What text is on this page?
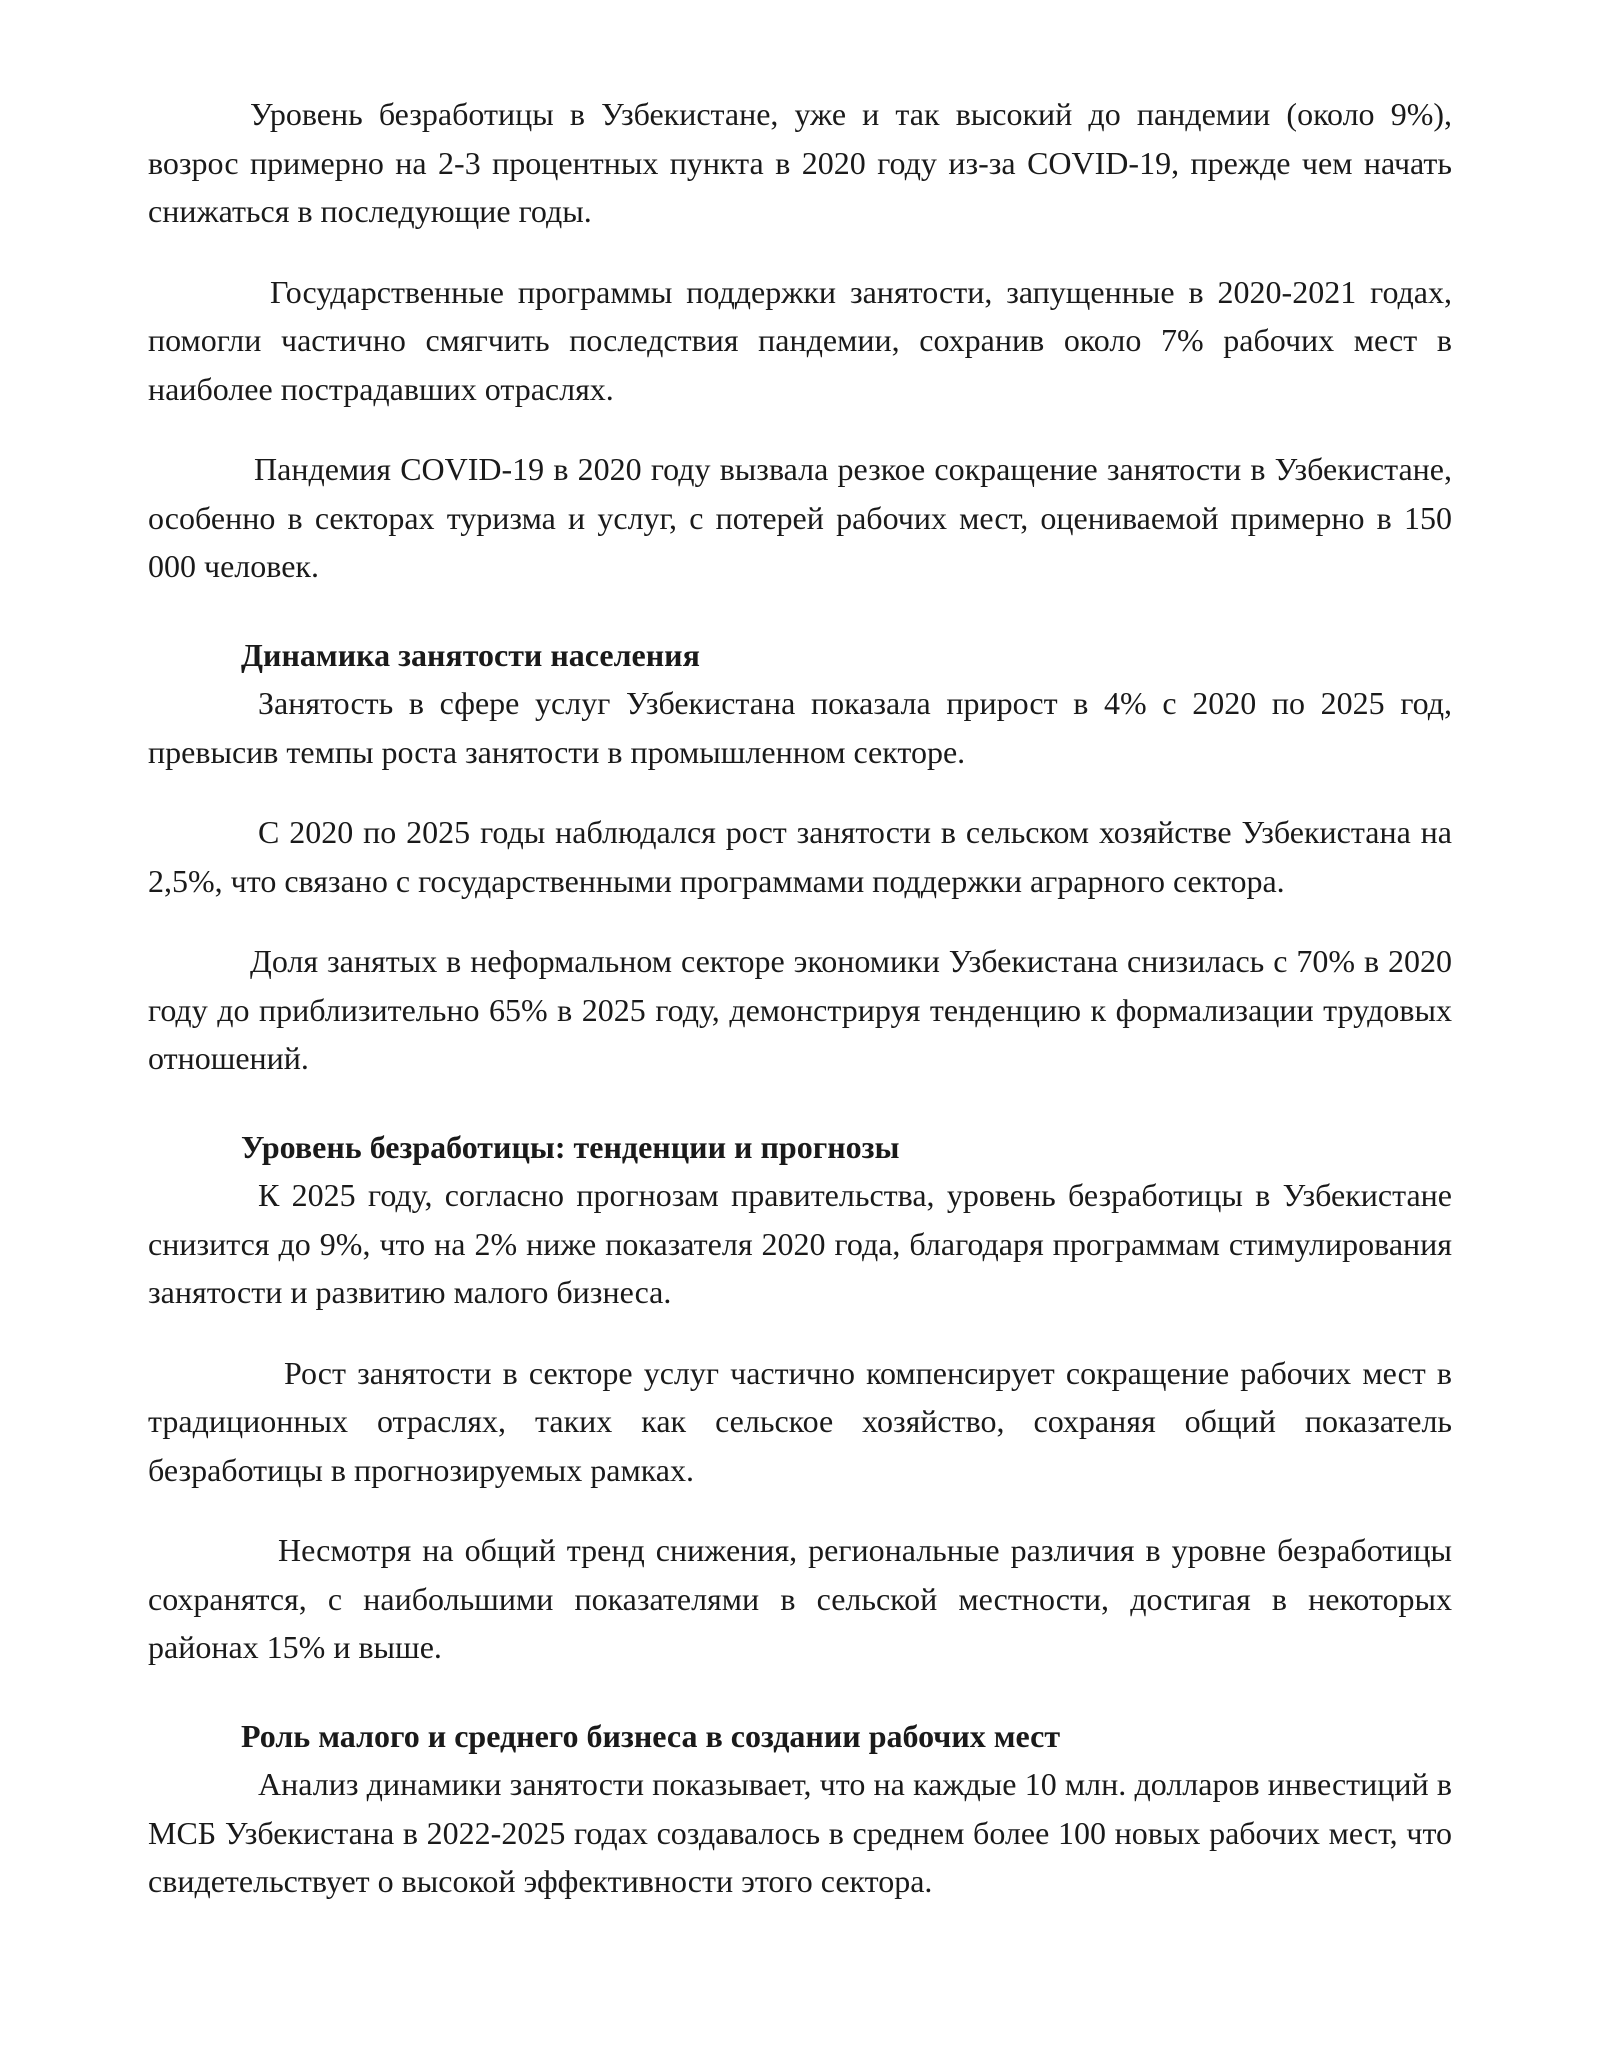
Уровень безработицы в Узбекистане, уже и так высокий до пандемии (около 9%), возрос примерно на 2-3 процентных пункта в 2020 году из-за COVID-19, прежде чем начать снижаться в последующие годы.

Государственные программы поддержки занятости, запущенные в 2020-2021 годах, помогли частично смягчить последствия пандемии, сохранив около 7% рабочих мест в наиболее пострадавших отраслях.

Пандемия COVID-19 в 2020 году вызвала резкое сокращение занятости в Узбекистане, особенно в секторах туризма и услуг, с потерей рабочих мест, оцениваемой примерно в 150 000 человек.

Динамика занятости населения

Занятость в сфере услуг Узбекистана показала прирост в 4% с 2020 по 2025 год, превысив темпы роста занятости в промышленном секторе.

С 2020 по 2025 годы наблюдался рост занятости в сельском хозяйстве Узбекистана на 2,5%, что связано с государственными программами поддержки аграрного сектора.

Доля занятых в неформальном секторе экономики Узбекистана снизилась с 70% в 2020 году до приблизительно 65% в 2025 году, демонстрируя тенденцию к формализации трудовых отношений.

Уровень безработицы: тенденции и прогнозы

К 2025 году, согласно прогнозам правительства, уровень безработицы в Узбекистане снизится до 9%, что на 2% ниже показателя 2020 года, благодаря программам стимулирования занятости и развитию малого бизнеса.

Рост занятости в секторе услуг частично компенсирует сокращение рабочих мест в традиционных отраслях, таких как сельское хозяйство, сохраняя общий показатель безработицы в прогнозируемых рамках.

Несмотря на общий тренд снижения, региональные различия в уровне безработицы сохранятся, с наибольшими показателями в сельской местности, достигая в некоторых районах 15% и выше.

Роль малого и среднего бизнеса в создании рабочих мест

Анализ динамики занятости показывает, что на каждые 10 млн. долларов инвестиций в МСБ Узбекистана в 2022-2025 годах создавалось в среднем более 100 новых рабочих мест, что свидетельствует о высокой эффективности этого сектора.
